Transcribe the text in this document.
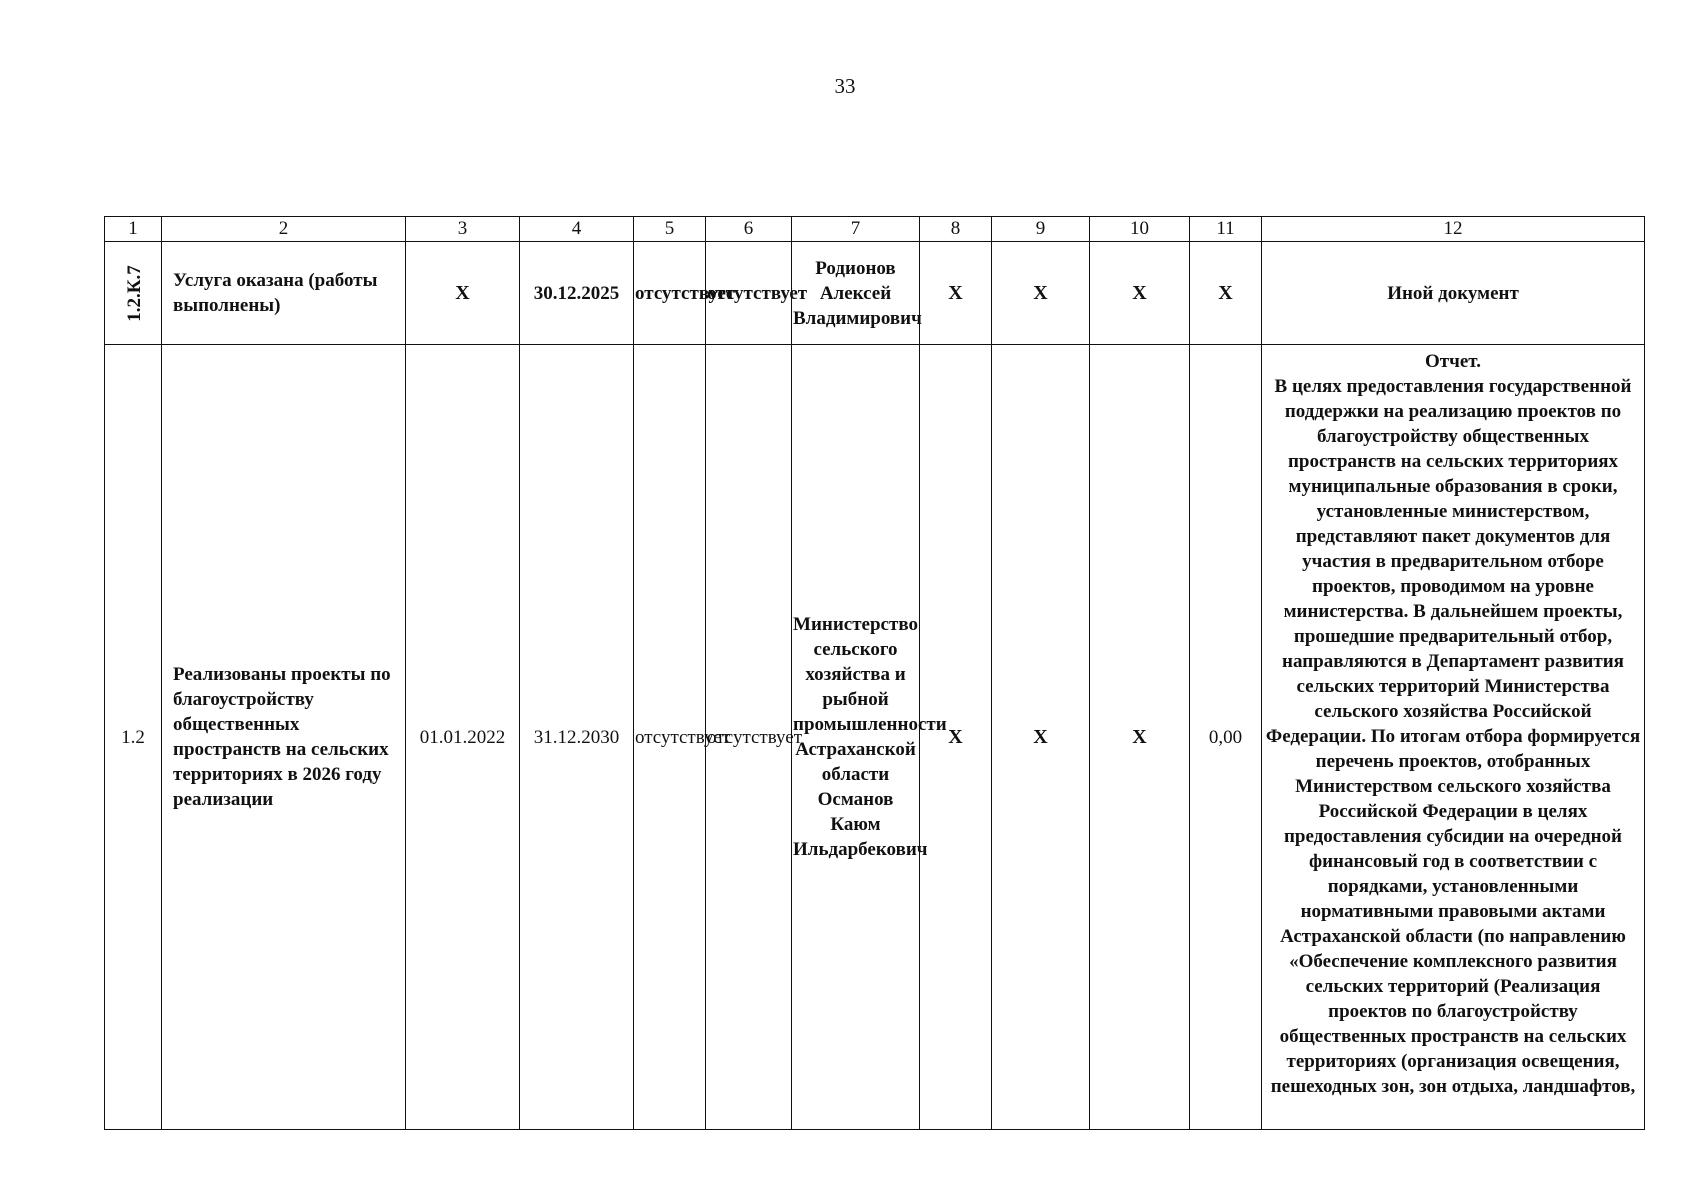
33
1	2	3	4	5	6	7	8	9	10	11	12
1.2.К.7	Услуга оказана (работы выполнены)	X	30.12.2025	отсутствует	отсутствует	Родионов Алексей Владимирович	X	X	X	X	Иной документ
1.2	Реализованы проекты по благоустройству общественных пространств на сельских территориях в 2026 году реализации	01.01.2022	31.12.2030	отсутствует	отсутствует	Министерство сельского хозяйства и рыбной промышленности Астраханской области Османов Каюм Ильдарбекович	X	X	X	0,00	Отчет.
В целях предоставления государственной поддержки на реализацию проектов по благоустройству общественных пространств на сельских территориях муниципальные образования в сроки, установленные министерством, представляют пакет документов для участия в предварительном отборе проектов, проводимом на уровне министерства. В дальнейшем проекты, прошедшие предварительный отбор, направляются в Департамент развития сельских территорий Министерства сельского хозяйства Российской Федерации. По итогам отбора формируется перечень проектов, отобранных Министерством сельского хозяйства Российской Федерации в целях предоставления субсидии на очередной финансовый год в соответствии с порядками, установленными нормативными правовыми актами Астраханской области (по направлению «Обеспечение комплексного развития сельских территорий (Реализация проектов по благоустройству общественных пространств на сельских территориях (организация освещения, пешеходных зон, зон отдыха, ландшафтов,
